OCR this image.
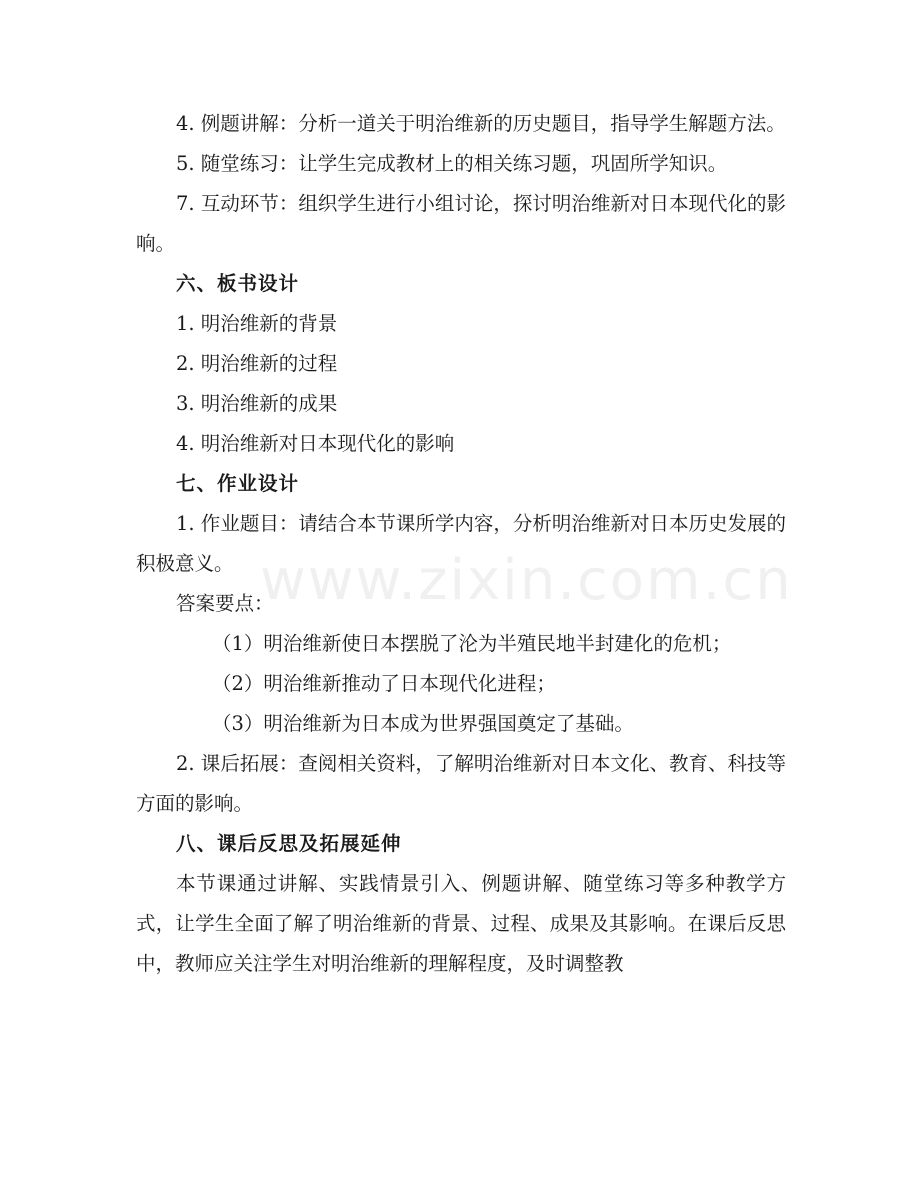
www.zixin.com.cn

4. 例题讲解：分析一道关于明治维新的历史题目，指导学生解题方法。

5. 随堂练习：让学生完成教材上的相关练习题，巩固所学知识。

7. 互动环节：组织学生进行小组讨论，探讨明治维新对日本现代化的影响。

六、板书设计

1. 明治维新的背景

2. 明治维新的过程

3. 明治维新的成果

4. 明治维新对日本现代化的影响

七、作业设计

1. 作业题目：请结合本节课所学内容，分析明治维新对日本历史发展的积极意义。

答案要点：

（1）明治维新使日本摆脱了沦为半殖民地半封建化的危机；

（2）明治维新推动了日本现代化进程；

（3）明治维新为日本成为世界强国奠定了基础。

2. 课后拓展：查阅相关资料，了解明治维新对日本文化、教育、科技等方面的影响。

八、课后反思及拓展延伸

本节课通过讲解、实践情景引入、例题讲解、随堂练习等多种教学方式，让学生全面了解了明治维新的背景、过程、成果及其影响。在课后反思中，教师应关注学生对明治维新的理解程度，及时调整教
